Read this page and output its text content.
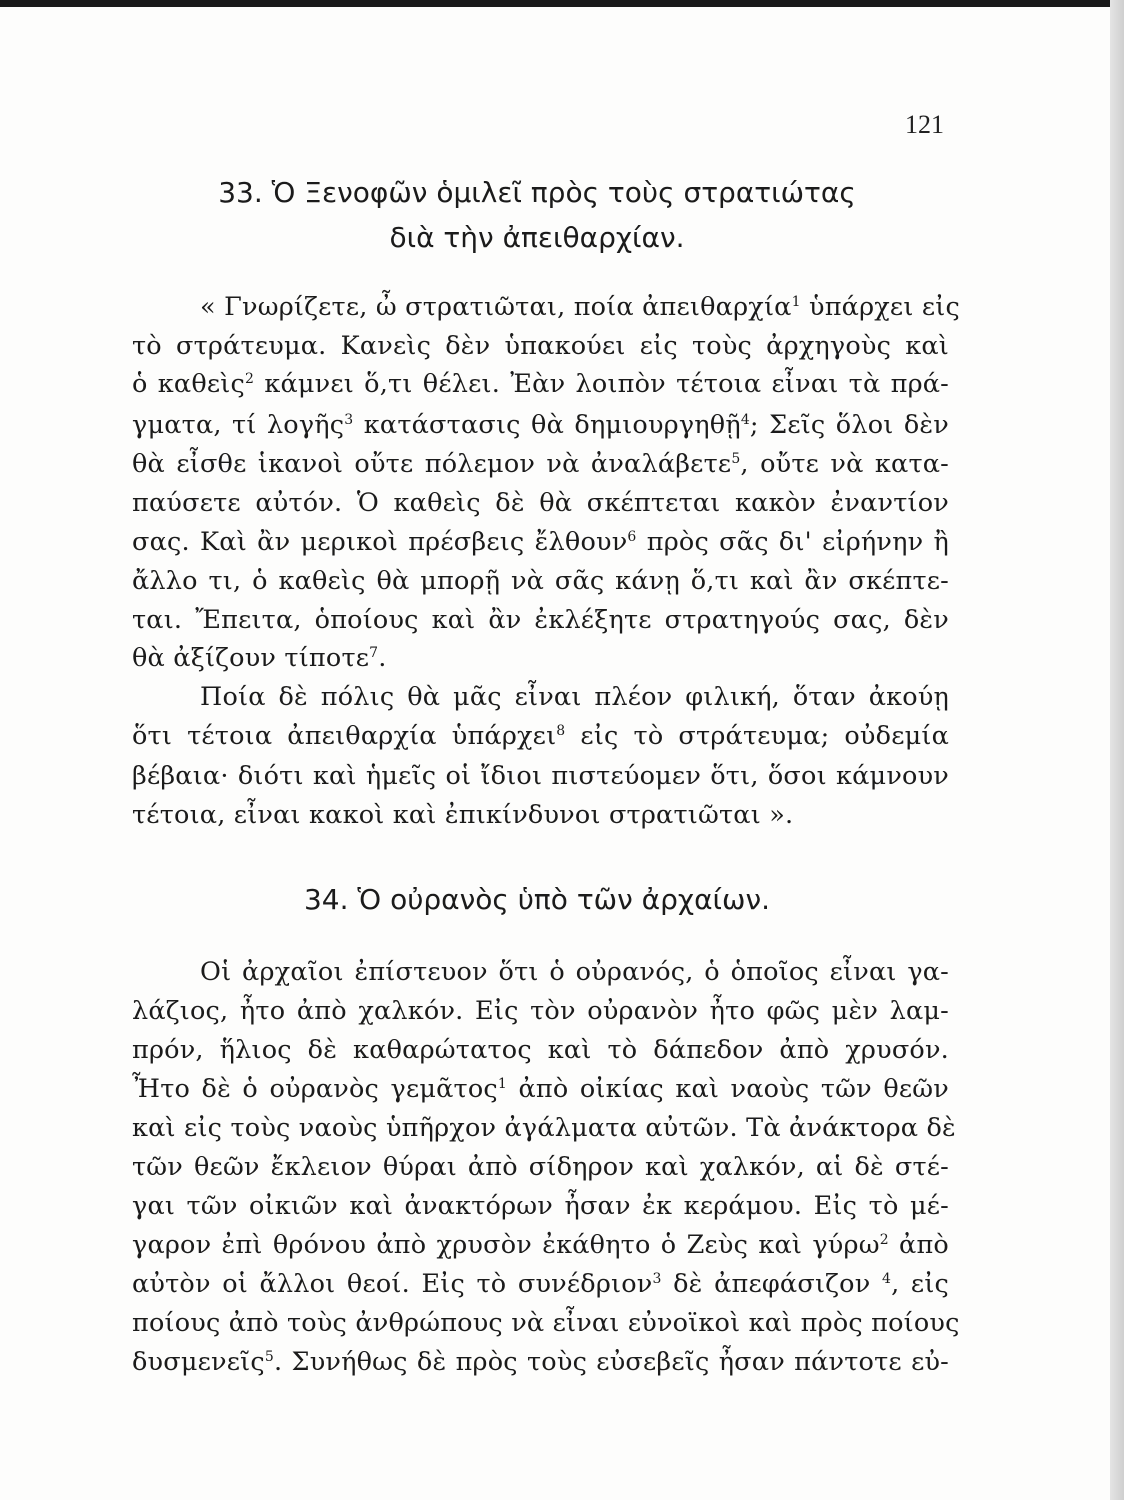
121
33. Ὁ Ξενοφῶν ὁμιλεῖ πρὸς τοὺς στρατιώτας
διὰ τὴν ἀπειθαρχίαν.
« Γνωρίζετε, ὦ στρατιῶται, ποία ἀπειθαρχία$^1$ ὑπάρχει εἰς
τὸ στράτευμα. Κανεὶς δὲν ὑπακούει εἰς τοὺς ἀρχηγοὺς καὶ
ὁ καθεὶς$^2$ κάμνει ὅ,τι θέλει. Ἐὰν λοιπὸν τέτοια εἶναι τὰ πρά-
γματα, τί λογῆς$^3$ κατάστασις θὰ δημιουργηθῇ$^4$; Σεῖς ὅλοι δὲν
θὰ εἶσθε ἱκανοὶ οὔτε πόλεμον νὰ ἀναλάβετε$^5$, οὔτε νὰ κατα-
παύσετε αὐτόν. Ὁ καθεὶς δὲ θὰ σκέπτεται κακὸν ἐναντίον
σας. Καὶ ἂν μερικοὶ πρέσβεις ἔλθουν$^6$ πρὸς σᾶς δι' εἰρήνην ἢ
ἄλλο τι, ὁ καθεὶς θὰ μπορῇ νὰ σᾶς κάνῃ ὅ,τι καὶ ἂν σκέπτε-
ται. Ἔπειτα, ὁποίους καὶ ἂν ἐκλέξητε στρατηγούς σας, δὲν
θὰ ἀξίζουν τίποτε$^7$.
Ποία δὲ πόλις θὰ μᾶς εἶναι πλέον φιλική, ὅταν ἀκούῃ
ὅτι τέτοια ἀπειθαρχία ὑπάρχει$^8$ εἰς τὸ στράτευμα; οὐδεμία
βέβαια· διότι καὶ ἡμεῖς οἱ ἴδιοι πιστεύομεν ὅτι, ὅσοι κάμνουν
τέτοια, εἶναι κακοὶ καὶ ἐπικίνδυνοι στρατιῶται ».
34. Ὁ οὐρανὸς ὑπὸ τῶν ἀρχαίων.
Οἱ ἀρχαῖοι ἐπίστευον ὅτι ὁ οὐρανός, ὁ ὁποῖος εἶναι γα-
λάζιος, ἦτο ἀπὸ χαλκόν. Εἰς τὸν οὐρανὸν ἦτο φῶς μὲν λαμ-
πρόν, ἥλιος δὲ καθαρώτατος καὶ τὸ δάπεδον ἀπὸ χρυσόν.
Ἦτο δὲ ὁ οὐρανὸς γεμᾶτος$^1$ ἀπὸ οἰκίας καὶ ναοὺς τῶν θεῶν
καὶ εἰς τοὺς ναοὺς ὑπῆρχον ἀγάλματα αὐτῶν. Τὰ ἀνάκτορα δὲ
τῶν θεῶν ἔκλειον θύραι ἀπὸ σίδηρον καὶ χαλκόν, αἱ δὲ στέ-
γαι τῶν οἰκιῶν καὶ ἀνακτόρων ἦσαν ἐκ κεράμου. Εἰς τὸ μέ-
γαρον ἐπὶ θρόνου ἀπὸ χρυσὸν ἐκάθητο ὁ Ζεὺς καὶ γύρω$^2$ ἀπὸ
αὐτὸν οἱ ἄλλοι θεοί. Εἰς τὸ συνέδριον$^3$ δὲ ἀπεφάσιζον $^4$, εἰς
ποίους ἀπὸ τοὺς ἀνθρώπους νὰ εἶναι εὐνοϊκοὶ καὶ πρὸς ποίους
δυσμενεῖς$^5$. Συνήθως δὲ πρὸς τοὺς εὐσεβεῖς ἦσαν πάντοτε εὐ-
